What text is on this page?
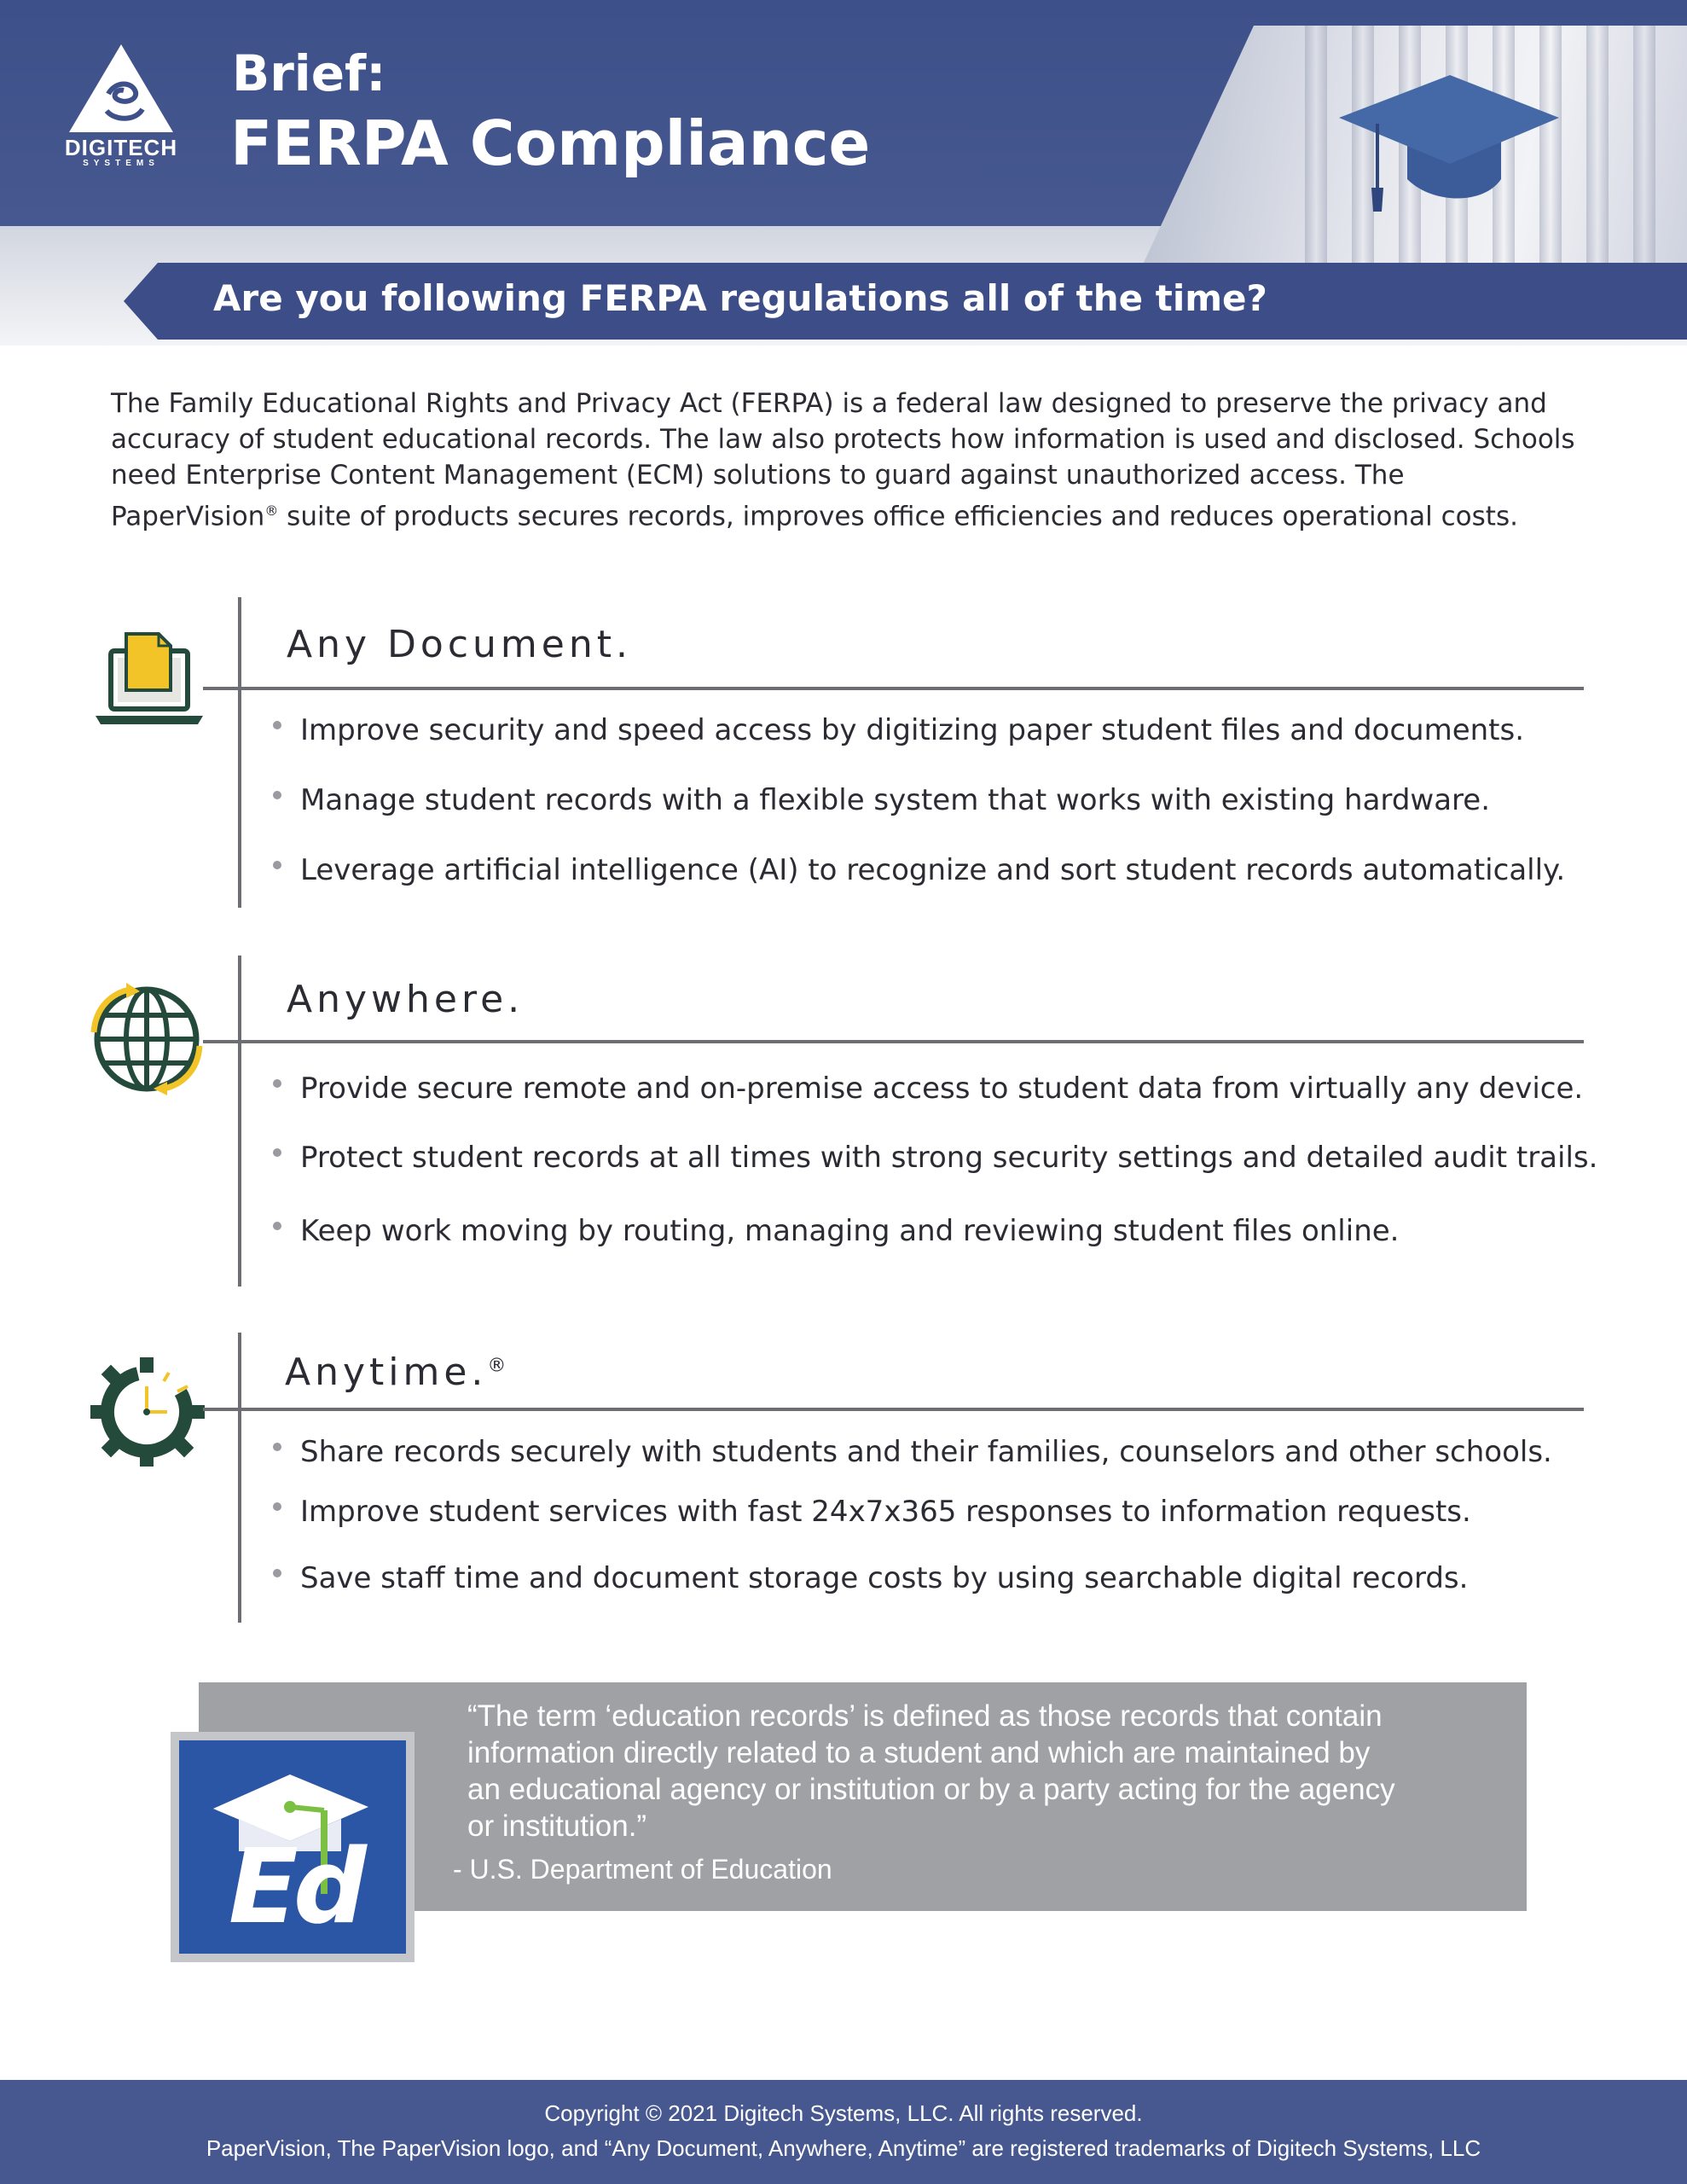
DIGITECH
SYSTEMS
Brief:
FERPA Compliance
Are you following FERPA regulations all of the time?
The Family Educational Rights and Privacy Act (FERPA) is a federal law designed to preserve the privacy and
accuracy of student educational records. The law also protects how information is used and disclosed. Schools
need Enterprise Content Management (ECM) solutions to guard against unauthorized access. The
PaperVision® suite of products secures records, improves office efficiencies and reduces operational costs.
Any Document.
Improve security and speed access by digitizing paper student files and documents.
Manage student records with a flexible system that works with existing hardware.
Leverage artificial intelligence (AI) to recognize and sort student records automatically.
Anywhere.
Provide secure remote and on-premise access to student data from virtually any device.
Protect student records at all times with strong security settings and detailed audit trails.
Keep work moving by routing, managing and reviewing student files online.
Anytime.®
Share records securely with students and their families, counselors and other schools.
Improve student services with fast 24x7x365 responses to information requests.
Save staff time and document storage costs by using searchable digital records.
Ed
“The term ‘education records’ is defined as those records that contain
information directly related to a student and which are maintained by
an educational agency or institution or by a party acting for the agency
or institution.”
- U.S. Department of Education
Copyright © 2021 Digitech Systems, LLC. All rights reserved.
PaperVision, The PaperVision logo, and “Any Document, Anywhere, Anytime” are registered trademarks of Digitech Systems, LLC
